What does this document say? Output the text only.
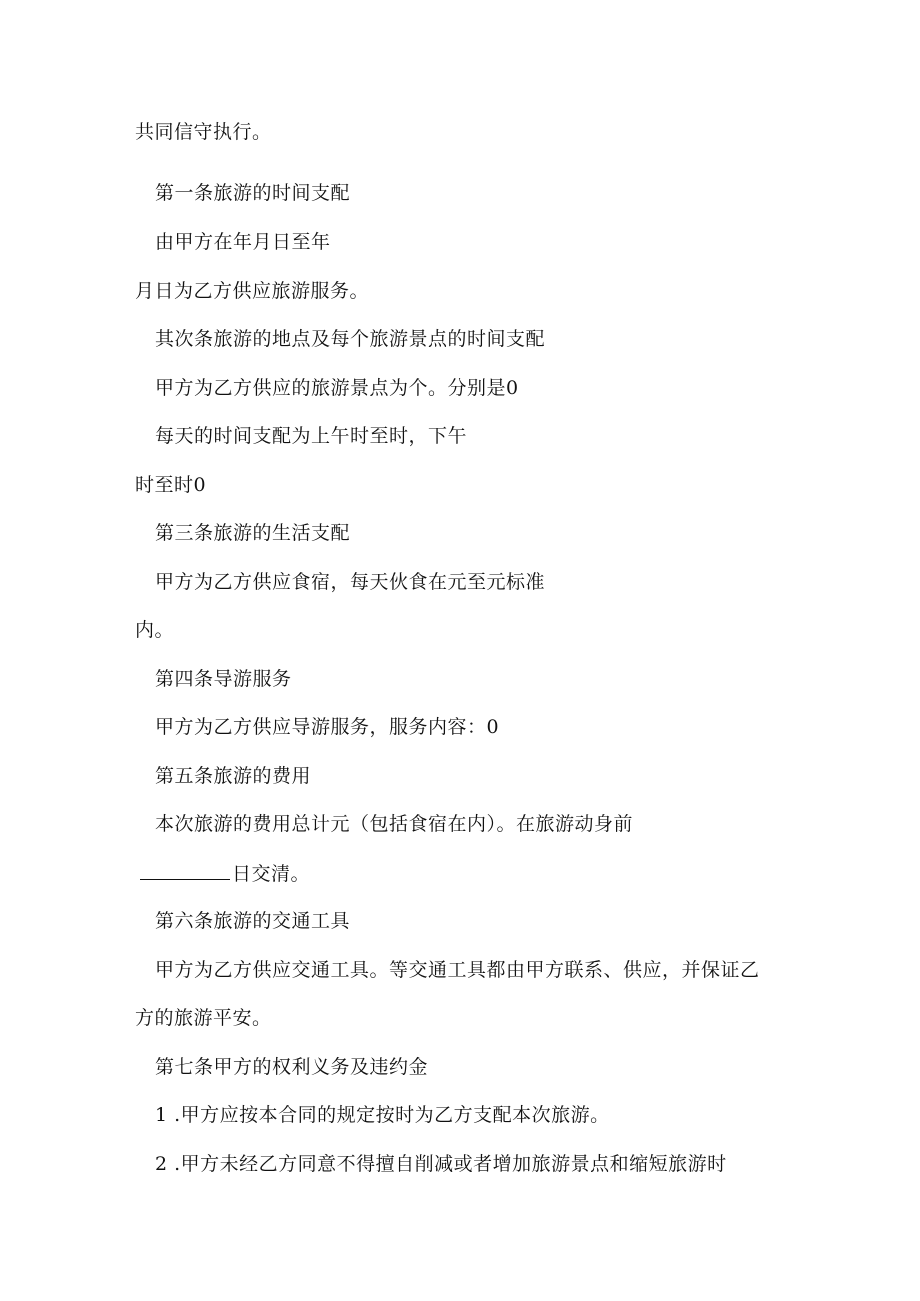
共同信守执行。
第一条旅游的时间支配
由甲方在年月日至年
月日为乙方供应旅游服务。
其次条旅游的地点及每个旅游景点的时间支配
甲方为乙方供应的旅游景点为个。分别是0
每天的时间支配为上午时至时，下午
时至时0
第三条旅游的生活支配
甲方为乙方供应食宿，每天伙食在元至元标准
内。
第四条导游服务
甲方为乙方供应导游服务，服务内容：0
第五条旅游的费用
本次旅游的费用总计元（包括食宿在内）。在旅游动身前
日交清。
第六条旅游的交通工具
甲方为乙方供应交通工具。等交通工具都由甲方联系、供应，并保证乙
方的旅游平安。
第七条甲方的权利义务及违约金
1 .甲方应按本合同的规定按时为乙方支配本次旅游。
2 .甲方未经乙方同意不得擅自削减或者增加旅游景点和缩短旅游时
